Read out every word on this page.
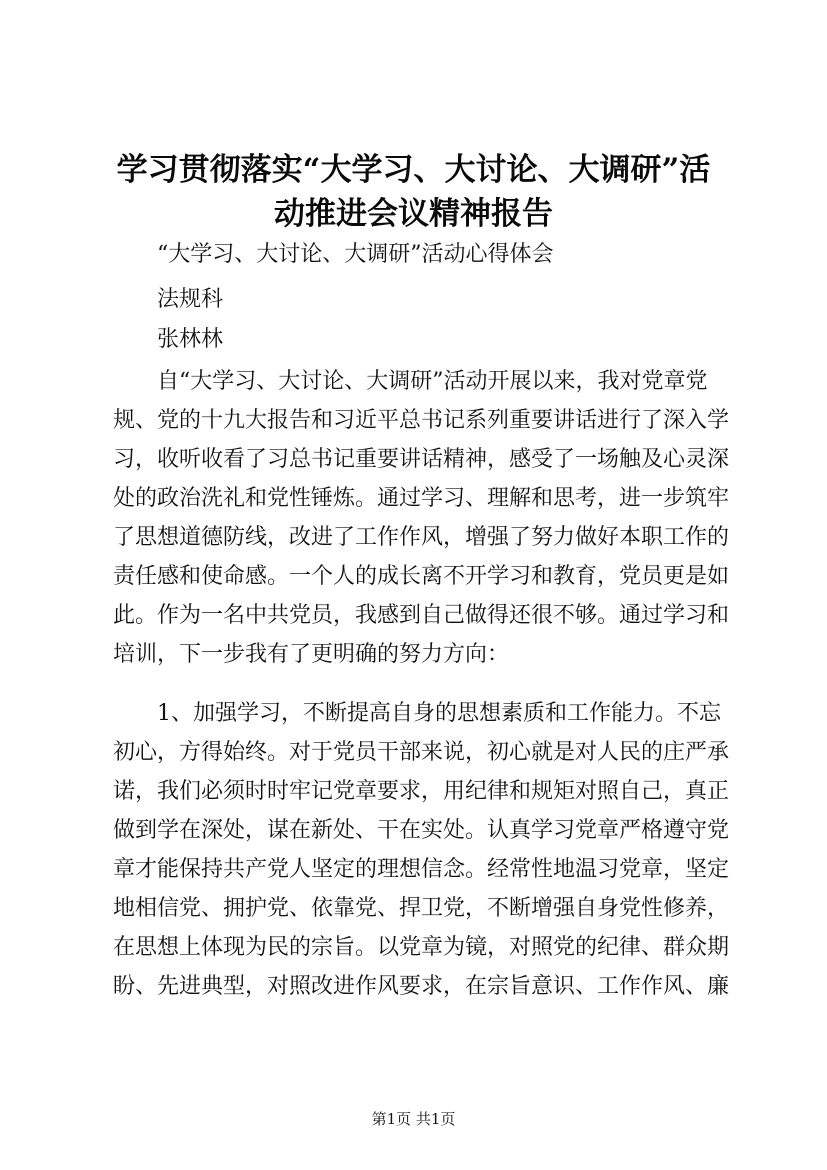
学习贯彻落实“大学习、大讨论、大调研”活
动推进会议精神报告
“大学习、大讨论、大调研”活动心得体会
法规科
张林林
自“大学习、大讨论、大调研”活动开展以来，我对党章党
规、党的十九大报告和习近平总书记系列重要讲话进行了深入学
习，收听收看了习总书记重要讲话精神，感受了一场触及心灵深
处的政治洗礼和党性锤炼。通过学习、理解和思考，进一步筑牢
了思想道德防线，改进了工作作风，增强了努力做好本职工作的
责任感和使命感。一个人的成长离不开学习和教育，党员更是如
此。作为一名中共党员，我感到自己做得还很不够。通过学习和
培训，下一步我有了更明确的努力方向：
1、加强学习，不断提高自身的思想素质和工作能力。不忘
初心，方得始终。对于党员干部来说，初心就是对人民的庄严承
诺，我们必须时时牢记党章要求，用纪律和规矩对照自己，真正
做到学在深处，谋在新处、干在实处。认真学习党章严格遵守党
章才能保持共产党人坚定的理想信念。经常性地温习党章，坚定
地相信党、拥护党、依靠党、捍卫党，不断增强自身党性修养，
在思想上体现为民的宗旨。以党章为镜，对照党的纪律、群众期
盼、先进典型，对照改进作风要求，在宗旨意识、工作作风、廉
第1页 共1页
